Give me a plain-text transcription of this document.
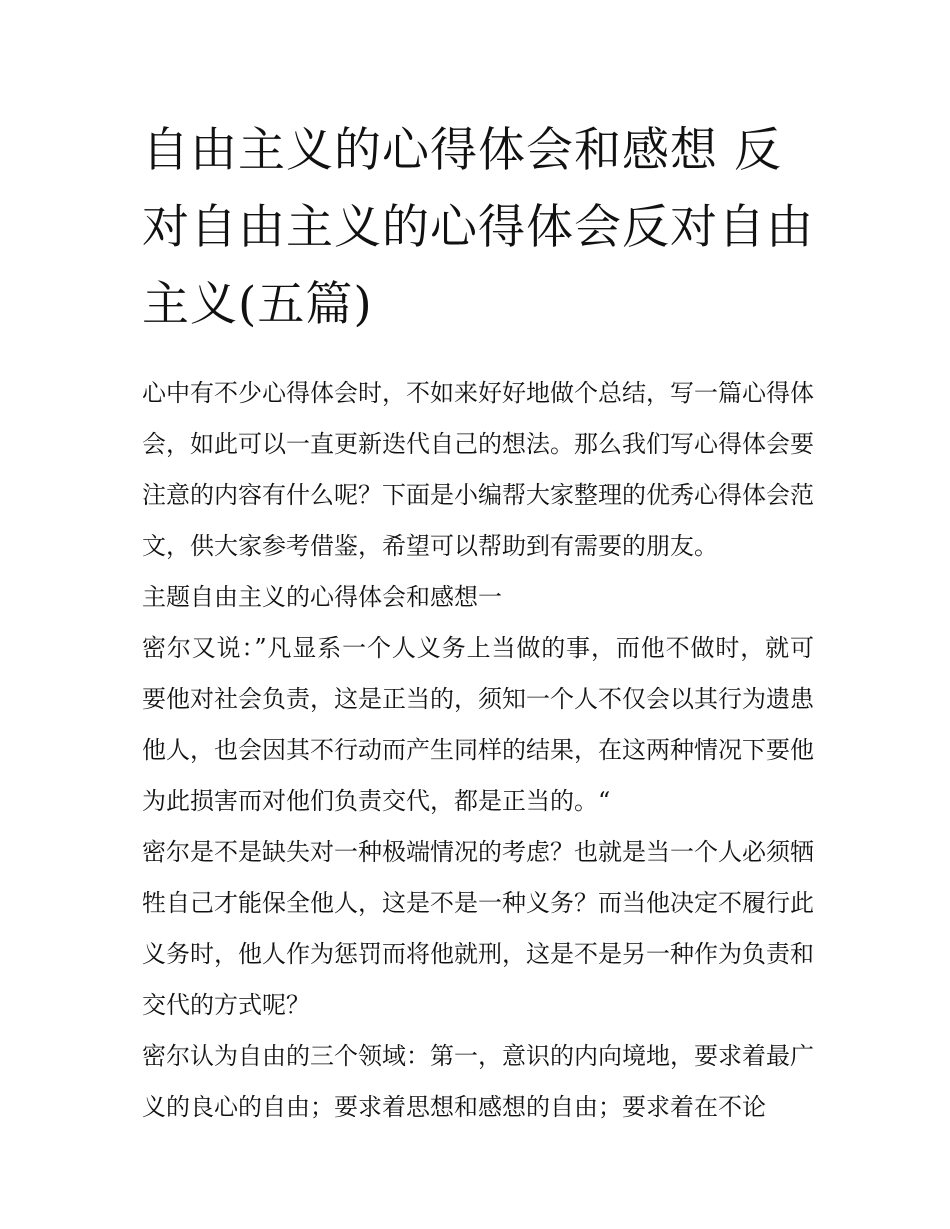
自由主义的心得体会和感想 反对自由主义的心得体会反对自由主义(五篇)

心中有不少心得体会时，不如来好好地做个总结，写一篇心得体会，如此可以一直更新迭代自己的想法。那么我们写心得体会要注意的内容有什么呢？下面是小编帮大家整理的优秀心得体会范文，供大家参考借鉴，希望可以帮助到有需要的朋友。

主题自由主义的心得体会和感想一

密尔又说：”凡显系一个人义务上当做的事，而他不做时，就可要他对社会负责，这是正当的，须知一个人不仅会以其行为遗患他人，也会因其不行动而产生同样的结果，在这两种情况下要他为此损害而对他们负责交代，都是正当的。“

密尔是不是缺失对一种极端情况的考虑？也就是当一个人必须牺牲自己才能保全他人，这是不是一种义务？而当他决定不履行此义务时，他人作为惩罚而将他就刑，这是不是另一种作为负责和交代的方式呢？

密尔认为自由的三个领域：第一，意识的内向境地，要求着最广义的良心的自由；要求着思想和感想的自由；要求着在不论
